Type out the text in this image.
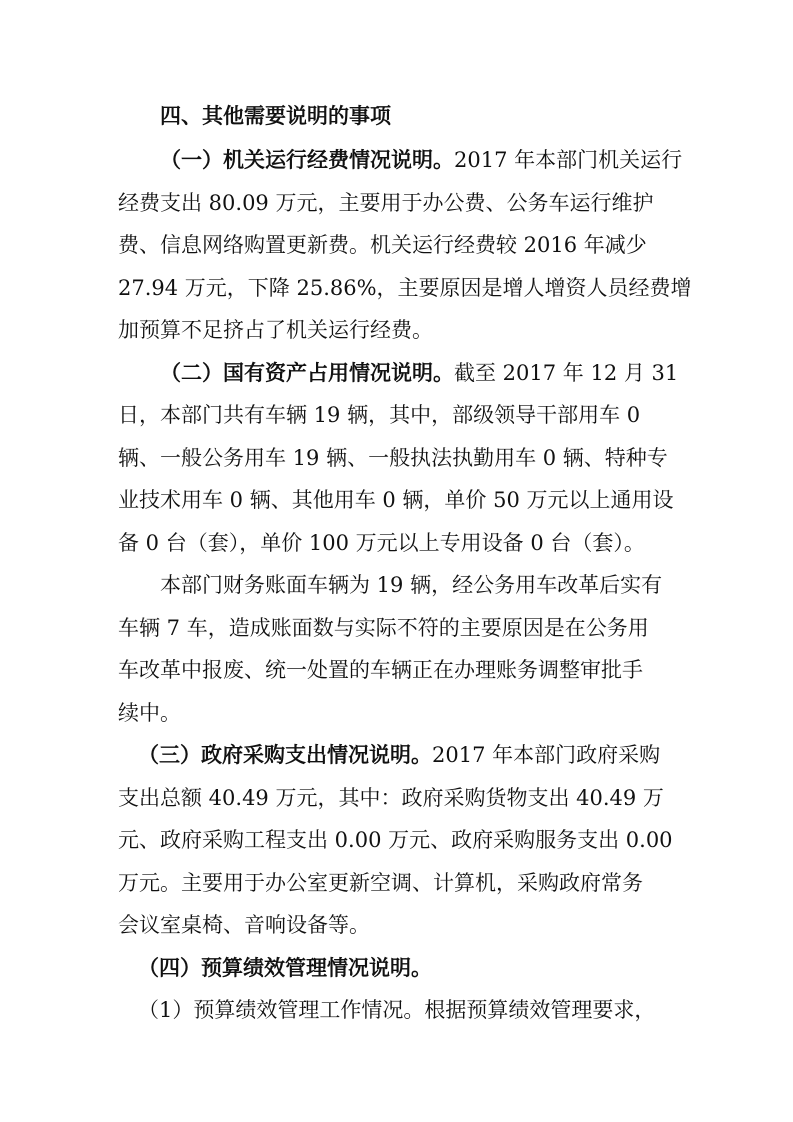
四、其他需要说明的事项
（一）机关运行经费情况说明。2017 年本部门机关运行
经费支出 80.09 万元，主要用于办公费、公务车运行维护
费、信息网络购置更新费。机关运行经费较 2016 年减少
27.94 万元，下降 25.86%，主要原因是增人增资人员经费增
加预算不足挤占了机关运行经费。
（二）国有资产占用情况说明。截至 2017 年 12 月 31
日，本部门共有车辆 19 辆，其中，部级领导干部用车 0
辆、一般公务用车 19 辆、一般执法执勤用车 0 辆、特种专
业技术用车 0 辆、其他用车 0 辆，单价 50 万元以上通用设
备 0 台（套），单价 100 万元以上专用设备 0 台（套）。
本部门财务账面车辆为 19 辆，经公务用车改革后实有
车辆 7 车，造成账面数与实际不符的主要原因是在公务用
车改革中报废、统一处置的车辆正在办理账务调整审批手
续中。
（三）政府采购支出情况说明。2017 年本部门政府采购
支出总额 40.49 万元，其中：政府采购货物支出 40.49 万
元、政府采购工程支出 0.00 万元、政府采购服务支出 0.00
万元。主要用于办公室更新空调、计算机，采购政府常务
会议室桌椅、音响设备等。
（四）预算绩效管理情况说明。
（1）预算绩效管理工作情况。根据预算绩效管理要求，
